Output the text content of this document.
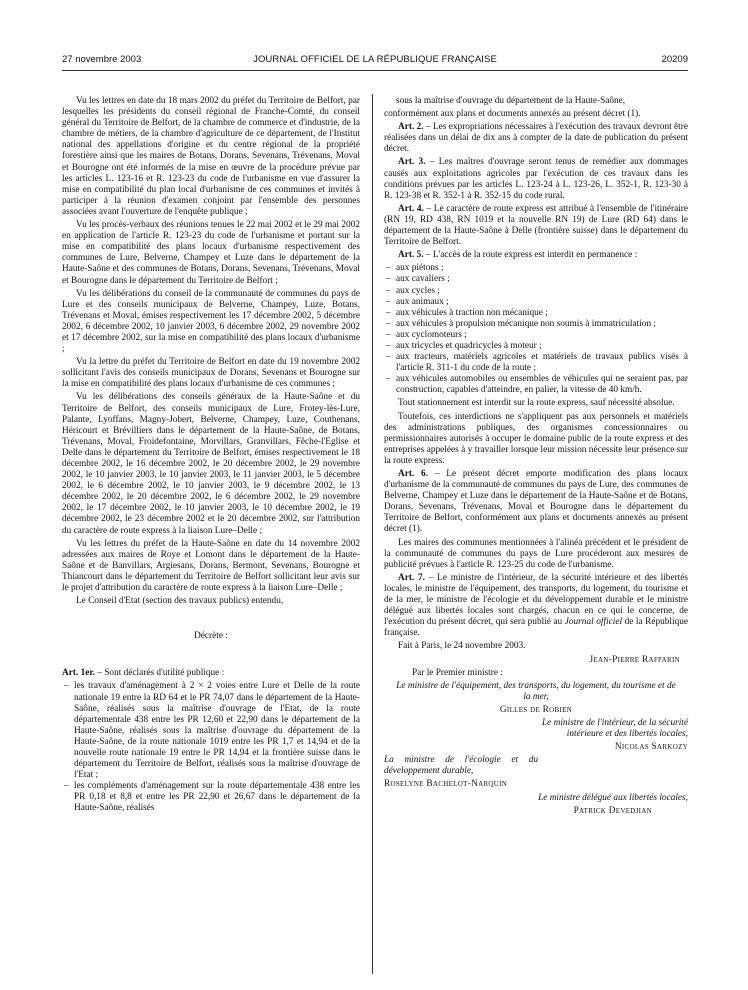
27 novembre 2003	JOURNAL OFFICIEL DE LA RÉPUBLIQUE FRANÇAISE	20209

Vu les lettres en date du 18 mars 2002 du préfet du Territoire de Belfort, par lesquelles les présidents du conseil régional de Franche-Comté, du conseil général du Territoire de Belfort, de la chambre de commerce et d'industrie, de la chambre de métiers, de la chambre d'agriculture de ce département, de l'Institut national des appellations d'origine et du centre régional de la propriété forestière ainsi que les maires de Botans, Dorans, Sevenans, Trévenans, Moval et Bourogne ont été informés de la mise en œuvre de la procédure prévue par les articles L. 123-16 et R. 123-23 du code de l'urbanisme en vue d'assurer la mise en compatibilité du plan local d'urbanisme de ces communes et invités à participer à la réunion d'examen conjoint par l'ensemble des personnes associées avant l'ouverture de l'enquête publique ;

Vu les procès-verbaux des réunions tenues le 22 mai 2002 et le 29 mai 2002 en application de l'article R. 123-23 du code de l'urbanisme et portant sur la mise en compatibilité des plans locaux d'urbanisme respectivement des communes de Lure, Belverne, Champey et Luze dans le département de la Haute-Saône et des communes de Botans, Dorans, Sevenans, Trévenans, Moval et Bourogne dans le département du Territoire de Belfort ;

Vu les délibérations du conseil de la communauté de communes du pays de Lure et des conseils municipaux de Belverne, Champey, Luze, Botans, Trévenans et Moval, émises respectivement les 17 décembre 2002, 5 décembre 2002, 6 décembre 2002, 10 janvier 2003, 6 décembre 2002, 29 novembre 2002 et 17 décembre 2002, sur la mise en compatibilité des plans locaux d'urbanisme ;

Vu la lettre du préfet du Territoire de Belfort en date du 19 novembre 2002 sollicitant l'avis des conseils municipaux de Dorans, Sevenans et Bourogne sur la mise en compatibilité des plans locaux d'urbanisme de ces communes ;

Vu les délibérations des conseils généraux de la Haute-Saône et du Territoire de Belfort, des conseils municipaux de Lure, Frotey-lès-Lure, Palante, Lyoffans, Magny-Jobert, Belverne, Champey, Luze, Couthenans, Héricourt et Brévilliers dans le département de la Haute-Saône, de Botans, Trévenans, Moval, Froidefontaine, Morvillars, Granvillars, Fêche-l'Eglise et Delle dans le département du Territoire de Belfort, émises respectivement le 18 décembre 2002, le 16 décembre 2002, le 20 décembre 2002, le 29 novembre 2002, le 10 janvier 2003, le 10 janvier 2003, le 11 janvier 2003, le 5 décembre 2002, le 6 décembre 2002, le 10 janvier 2003, le 9 décembre 2002, le 13 décembre 2002, le 20 décembre 2002, le 6 décembre 2002, le 29 novembre 2002, le 17 décembre 2002, le 10 janvier 2003, le 10 décembre 2002, le 19 décembre 2002, le 23 décembre 2002 et le 20 décembre 2002, sur l'attribution du caractère de route express à la liaison Lure–Delle ;

Vu les lettres du préfet de la Haute-Saône en date du 14 novembre 2002 adressées aux maires de Roye et Lomont dans le département de la Haute-Saône et de Banvillars, Argiesans, Dorans, Bermont, Sevenans, Bourogne et Thiancourt dans le département du Territoire de Belfort sollicitant leur avis sur le projet d'attribution du caractère de route express à la liaison Lure–Delle ;

Le Conseil d'Etat (section des travaux publics) entendu,

Décrète :

Art. 1er. – Sont déclarés d'utilité publique :

– les travaux d'aménagement à 2 × 2 voies entre Lure et Delle de la route nationale 19 entre la RD 64 et le PR 74,07 dans le département de la Haute-Saône, réalisés sous la maîtrise d'ouvrage de l'Etat, de la route départementale 438 entre les PR 12,60 et 22,90 dans le département de la Haute-Saône, réalisés sous la maîtrise d'ouvrage du département de la Haute-Saône, de la route nationale 1019 entre les PR 1,7 et 14,94 et de la nouvelle route nationale 19 entre le PR 14,94 et la frontière suisse dans le département du Territoire de Belfort, réalisés sous la maîtrise d'ouvrage de l'Etat ;
– les compléments d'aménagement sur la route départementale 438 entre les PR 0,18 et 8,8 et entre les PR 22,90 et 26,67 dans le département de la Haute-Saône, réalisés
sous la maîtrise d'ouvrage du département de la Haute-Saône,

conformément aux plans et documents annexés au présent décret (1).

Art. 2. – Les expropriations nécessaires à l'exécution des travaux devront être réalisées dans un délai de dix ans à compter de la date de publication du présent décret.

Art. 3. – Les maîtres d'ouvrage seront tenus de remédier aux dommages causés aux exploitations agricoles par l'exécution de ces travaux dans les conditions prévues par les articles L. 123-24 à L. 123-26, L. 352-1, R. 123-30 à R. 123-38 et R. 352-1 à R. 352-15 du code rural.

Art. 4. – Le caractère de route express est attribué à l'ensemble de l'itinéraire (RN 19, RD 438, RN 1019 et la nouvelle RN 19) de Lure (RD 64) dans le département de la Haute-Saône à Delle (frontière suisse) dans le département du Territoire de Belfort.

Art. 5. – L'accès de la route express est interdit en permanence :

– aux piétons ;
– aux cavaliers ;
– aux cycles ;
– aux animaux ;
– aux véhicules à traction non mécanique ;
– aux véhicules à propulsion mécanique non soumis à immatriculation ;
– aux cyclomoteurs ;
– aux tricycles et quadricycles à moteur ;
– aux tracteurs, matériels agricoles et matériels de travaux publics visés à l'article R. 311-1 du code de la route ;
– aux véhicules automobiles ou ensembles de véhicules qui ne seraient pas, par construction, capables d'atteindre, en palier, la vitesse de 40 km/h.

Tout stationnement est interdit sur la route express, sauf nécessité absolue.

Toutefois, ces interdictions ne s'appliquent pas aux personnels et matériels des administrations publiques, des organismes concessionnaires ou permissionnaires autorisés à occuper le domaine public de la route express et des entreprises appelées à y travailler lorsque leur mission nécessite leur présence sur la route express.

Art. 6. – Le présent décret emporte modification des plans locaux d'urbanisme de la communauté de communes du pays de Lure, des communes de Belverne, Champey et Luze dans le département de la Haute-Saône et de Botans, Dorans, Sevenans, Trévenans, Moval et Bourogne dans le département du Territoire de Belfort, conformément aux plans et documents annexés au présent décret (1).

Les maires des communes mentionnées à l'alinéa précédent et le président de la communauté de communes du pays de Lure procéderont aux mesures de publicité prévues à l'article R. 123-25 du code de l'urbanisme.

Art. 7. – Le ministre de l'intérieur, de la sécurité intérieure et des libertés locales, le ministre de l'équipement, des transports, du logement, du tourisme et de la mer, le ministre de l'écologie et du développement durable et le ministre délégué aux libertés locales sont chargés, chacun en ce qui le concerne, de l'exécution du présent décret, qui sera publié au Journal officiel de la République française.

Fait à Paris, le 24 novembre 2003.

Jean-Pierre Raffarin

Par le Premier ministre :

Le ministre de l'équipement, des transports, du logement, du tourisme et de la mer,

Gilles de Robien

Le ministre de l'intérieur, de la sécurité intérieure et des libertés locales,

Nicolas Sarkozy

La ministre de l'écologie et du développement durable,

Roselyne Bachelot-Narquin

Le ministre délégué aux libertés locales,

Patrick Devedjian
